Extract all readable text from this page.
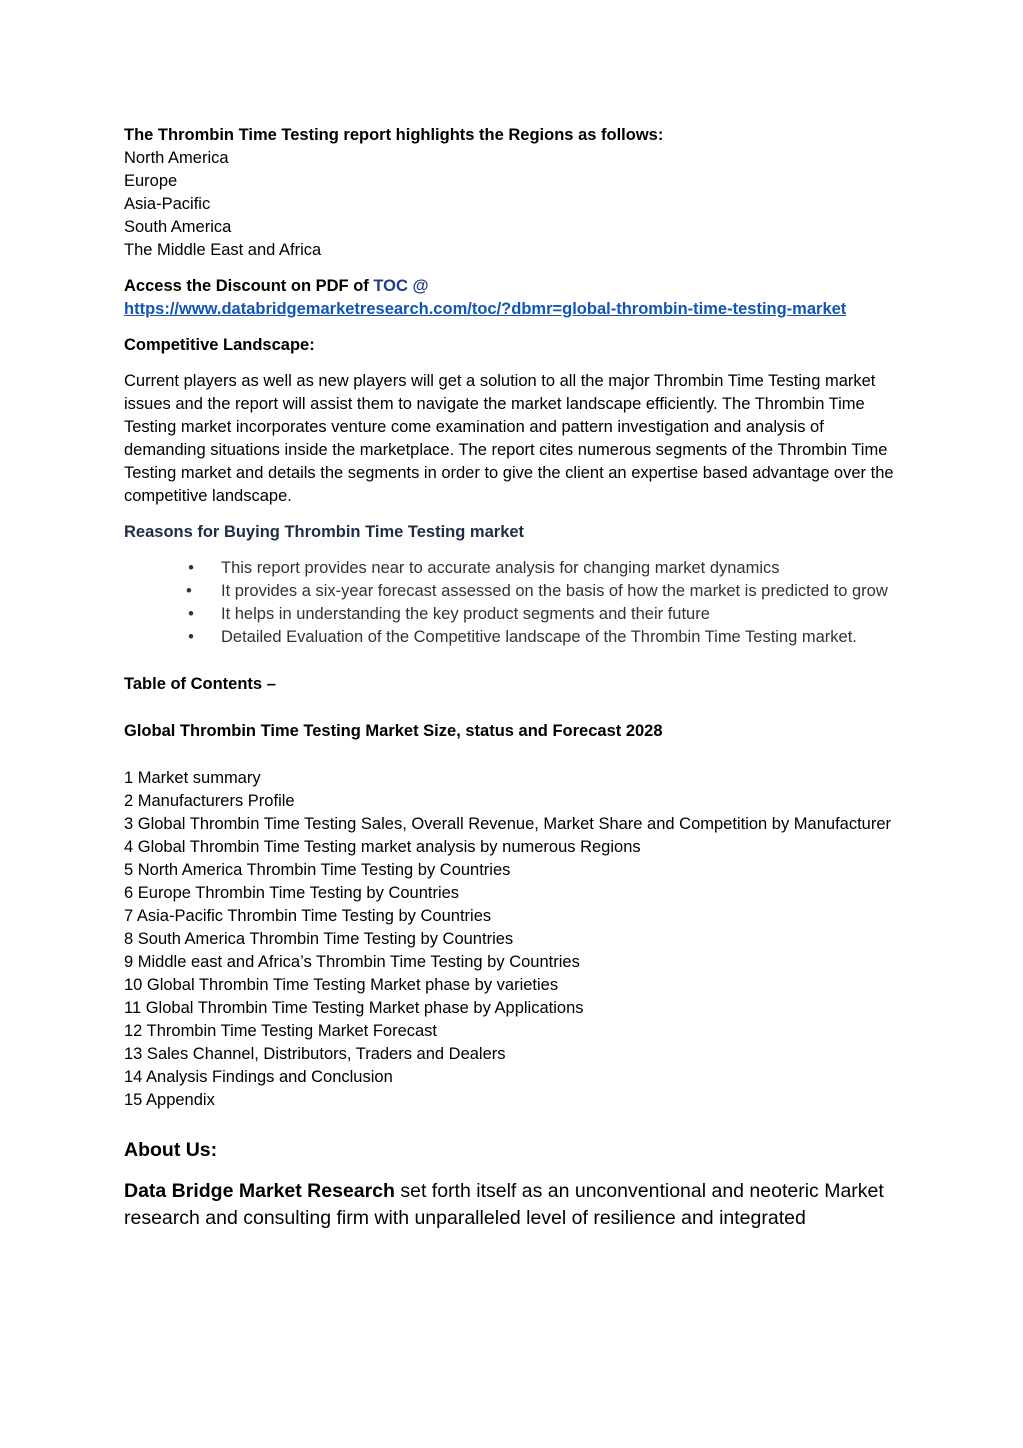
The Thrombin Time Testing report highlights the Regions as follows:

North America
Europe
Asia-Pacific
South America
The Middle East and Africa

Access the Discount on PDF of TOC @

https://www.databridgemarketresearch.com/toc/?dbmr=global-thrombin-time-testing-market

Competitive Landscape:

Current players as well as new players will get a solution to all the major Thrombin Time Testing market issues and the report will assist them to navigate the market landscape efficiently. The Thrombin Time Testing market incorporates venture come examination and pattern investigation and analysis of demanding situations inside the marketplace. The report cites numerous segments of the Thrombin Time Testing market and details the segments in order to give the client an expertise based advantage over the competitive landscape.

Reasons for Buying Thrombin Time Testing market

• This report provides near to accurate analysis for changing market dynamics
• It provides a six-year forecast assessed on the basis of how the market is predicted to grow
• It helps in understanding the key product segments and their future
• Detailed Evaluation of the Competitive landscape of the Thrombin Time Testing market.

Table of Contents –

Global Thrombin Time Testing Market Size, status and Forecast 2028

1 Market summary
2 Manufacturers Profile
3 Global Thrombin Time Testing Sales, Overall Revenue, Market Share and Competition by Manufacturer
4 Global Thrombin Time Testing market analysis by numerous Regions
5 North America Thrombin Time Testing by Countries
6 Europe Thrombin Time Testing by Countries
7 Asia-Pacific Thrombin Time Testing by Countries
8 South America Thrombin Time Testing by Countries
9 Middle east and Africa’s Thrombin Time Testing by Countries
10 Global Thrombin Time Testing Market phase by varieties
11 Global Thrombin Time Testing Market phase by Applications
12 Thrombin Time Testing Market Forecast
13 Sales Channel, Distributors, Traders and Dealers
14 Analysis Findings and Conclusion
15 Appendix

About Us:

Data Bridge Market Research set forth itself as an unconventional and neoteric Market research and consulting firm with unparalleled level of resilience and integrated
